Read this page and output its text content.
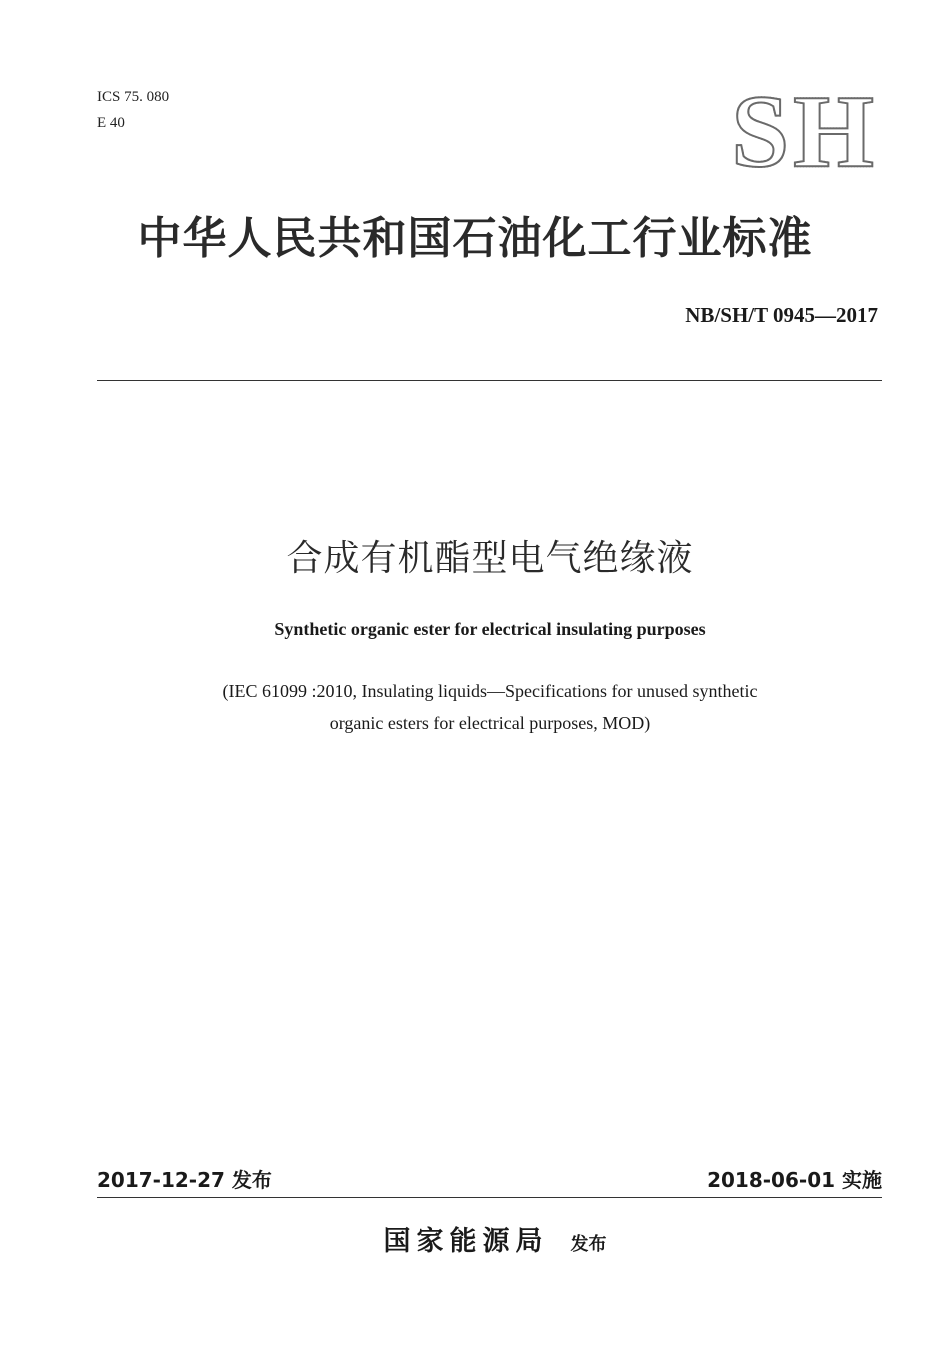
ICS 75. 080
E 40	SH
中华人民共和国石油化工行业标准
NB/SH/T 0945—2017
合成有机酯型电气绝缘液
Synthetic organic ester for electrical insulating purposes
(IEC 61099 :2010, Insulating liquids—Specifications for unused synthetic
organic esters for electrical purposes, MOD)
2017-12-27 发布	2018-06-01 实施
国家能源局 发布
